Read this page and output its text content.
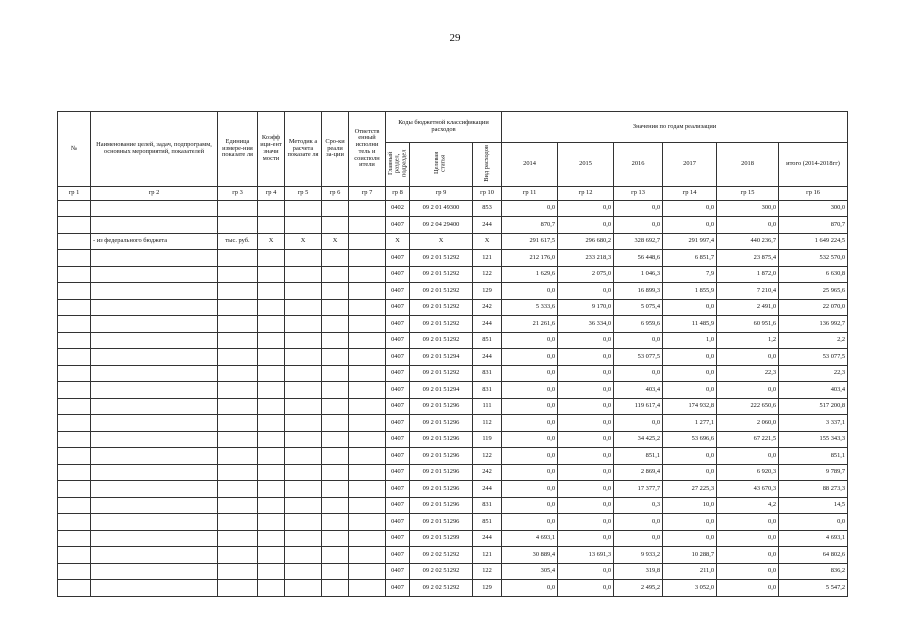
29
№	Наименование целей, задач, подпрограмм, основных мероприятий, показателей	Единица измере-ния показате ля	Коэфф ици-ент значи мости	Методик а расчета показате ля	Сро-ки реали за-ции	Ответств енный исполни тель и соисполн ители	Коды бюджетной классификации расходов			Значения по годам реализации					
							Главный раздел, подраздел	Целевая статья	Вид расходов	2014	2015	2016	2017	2018	итого (2014-2018гг)
гр 1	гр 2	гр 3	гр 4	гр 5	гр 6	гр 7	гр 8	гр 9	гр 10	гр 11	гр 12	гр 13	гр 14	гр 15	гр 16
							0402	09 2 01 49300	853	0,0	0,0	0,0	0,0	300,0	300,0
							0407	09 2 04 29400	244	870,7	0,0	0,0	0,0	0,0	870,7
	- из федерального бюджета	тыс. руб.	X	X	X		X	X	X	291 617,5	296 680,2	328 692,7	291 997,4	440 236,7	1 649 224,5
							0407	09 2 01 51292	121	212 176,0	233 218,3	56 448,6	6 851,7	23 875,4	532 570,0
							0407	09 2 01 51292	122	1 629,6	2 075,0	1 046,3	7,9	1 872,0	6 630,8
							0407	09 2 01 51292	129	0,0	0,0	16 899,3	1 855,9	7 210,4	25 965,6
							0407	09 2 01 51292	242	5 333,6	9 170,0	5 075,4	0,0	2 491,0	22 070,0
							0407	09 2 01 51292	244	21 261,6	36 334,0	6 959,6	11 485,9	60 951,6	136 992,7
							0407	09 2 01 51292	851	0,0	0,0	0,0	1,0	1,2	2,2
							0407	09 2 01 51294	244	0,0	0,0	53 077,5	0,0	0,0	53 077,5
							0407	09 2 01 51292	831	0,0	0,0	0,0	0,0	22,3	22,3
							0407	09 2 01 51294	831	0,0	0,0	403,4	0,0	0,0	403,4
							0407	09 2 01 51296	111	0,0	0,0	119 617,4	174 932,8	222 650,6	517 200,8
							0407	09 2 01 51296	112	0,0	0,0	0,0	1 277,1	2 060,0	3 337,1
							0407	09 2 01 51296	119	0,0	0,0	34 425,2	53 696,6	67 221,5	155 343,3
							0407	09 2 01 51296	122	0,0	0,0	851,1	0,0	0,0	851,1
							0407	09 2 01 51296	242	0,0	0,0	2 869,4	0,0	6 920,3	9 789,7
							0407	09 2 01 51296	244	0,0	0,0	17 377,7	27 225,3	43 670,3	88 273,3
							0407	09 2 01 51296	831	0,0	0,0	0,3	10,0	4,2	14,5
							0407	09 2 01 51296	851	0,0	0,0	0,0	0,0	0,0	0,0
							0407	09 2 01 51299	244	4 693,1	0,0	0,0	0,0	0,0	4 693,1
							0407	09 2 02 51292	121	30 889,4	13 691,3	9 933,2	10 288,7	0,0	64 802,6
							0407	09 2 02 51292	122	305,4	0,0	319,8	211,0	0,0	836,2
							0407	09 2 02 51292	129	0,0	0,0	2 495,2	3 052,0	0,0	5 547,2
